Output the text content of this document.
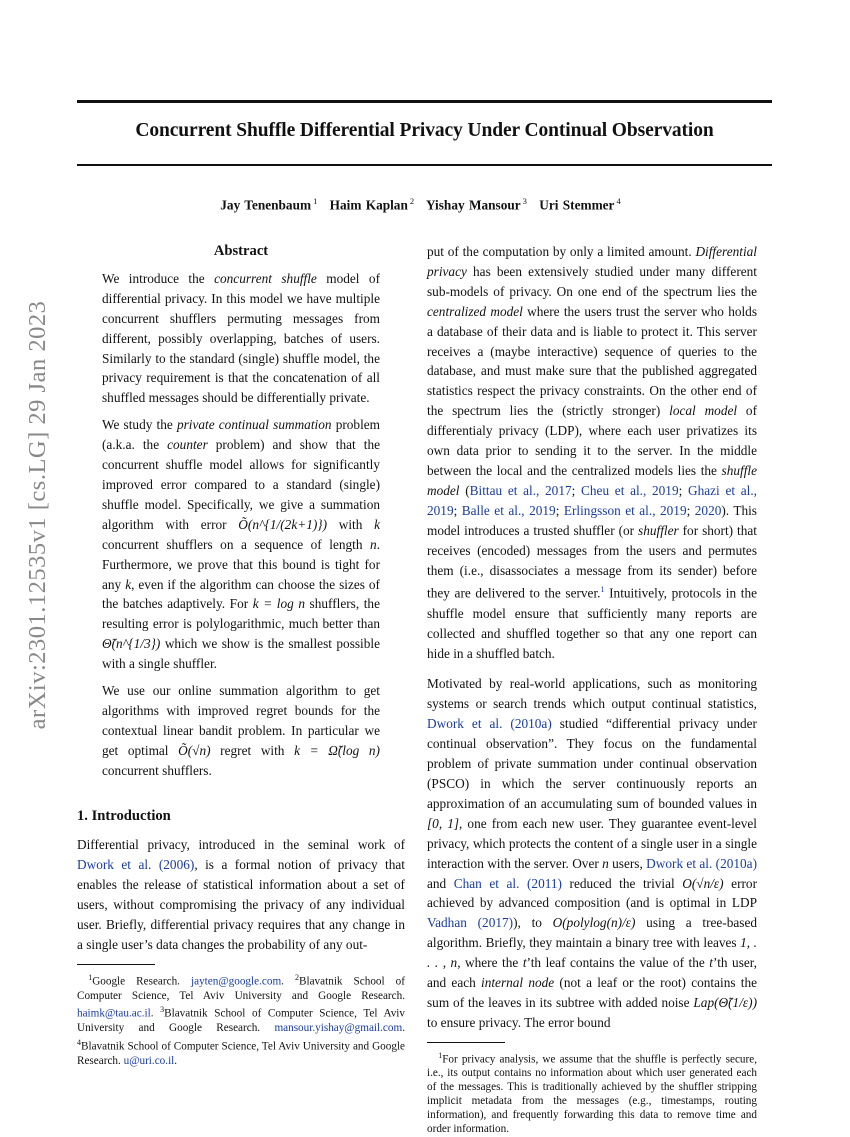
Concurrent Shuffle Differential Privacy Under Continual Observation
Jay Tenenbaum $^1$ Haim Kaplan $^2$ Yishay Mansour $^3$ Uri Stemmer $^4$
arXiv:2301.12535v1 [cs.LG] 29 Jan 2023
Abstract

We introduce the concurrent shuffle model of differential privacy. In this model we have multiple concurrent shufflers permuting messages from different, possibly overlapping, batches of users. Similarly to the standard (single) shuffle model, the privacy requirement is that the concatenation of all shuffled messages should be differentially private.

We study the private continual summation problem (a.k.a. the counter problem) and show that the concurrent shuffle model allows for significantly improved error compared to a standard (single) shuffle model. Specifically, we give a summation algorithm with error Õ(n^{1/(2k+1)}) with k concurrent shufflers on a sequence of length n. Furthermore, we prove that this bound is tight for any k, even if the algorithm can choose the sizes of the batches adaptively. For k = log n shufflers, the resulting error is polylogarithmic, much better than Θ̃(n^{1/3}) which we show is the smallest possible with a single shuffler.

We use our online summation algorithm to get algorithms with improved regret bounds for the contextual linear bandit problem. In particular we get optimal Õ(√n) regret with k = Ω̃(log n) concurrent shufflers.

1. Introduction

Differential privacy, introduced in the seminal work of Dwork et al. (2006), is a formal notion of privacy that enables the release of statistical information about a set of users, without compromising the privacy of any individual user. Briefly, differential privacy requires that any change in a single user’s data changes the probability of any out-

 $^1$Google Research. jayten@google.com. $^2$Blavatnik School of Computer Science, Tel Aviv University and Google Research. haimk@tau.ac.il. $^3$Blavatnik School of Computer Science, Tel Aviv University and Google Research. mansour.yishay@gmail.com. $^4$Blavatnik School of Computer Science, Tel Aviv University and Google Research. u@uri.co.il.

put of the computation by only a limited amount. Differential privacy has been extensively studied under many different sub-models of privacy. On one end of the spectrum lies the centralized model where the users trust the server who holds a database of their data and is liable to protect it. This server receives a (maybe interactive) sequence of queries to the database, and must make sure that the published aggregated statistics respect the privacy constraints. On the other end of the spectrum lies the (strictly stronger) local model of differentialy privacy (LDP), where each user privatizes its own data prior to sending it to the server. In the middle between the local and the centralized models lies the shuffle model (Bittau et al., 2017; Cheu et al., 2019; Ghazi et al., 2019; Balle et al., 2019; Erlingsson et al., 2019; 2020). This model introduces a trusted shuffler (or shuffler for short) that receives (encoded) messages from the users and permutes them (i.e., disassociates a message from its sender) before they are delivered to the server.$^1$ Intuitively, protocols in the shuffle model ensure that sufficiently many reports are collected and shuffled together so that any one report can hide in a shuffled batch.

Motivated by real-world applications, such as monitoring systems or search trends which output continual statistics, Dwork et al. (2010a) studied “differential privacy under continual observation”. They focus on the fundamental problem of private summation under continual observation (PSCO) in which the server continuously reports an approximation of an accumulating sum of bounded values in [0, 1], one from each new user. They guarantee event-level privacy, which protects the content of a single user in a single interaction with the server. Over n users, Dwork et al. (2010a) and Chan et al. (2011) reduced the trivial O(√n/ε) error achieved by advanced composition (and is optimal in LDP Vadhan (2017)), to O(polylog(n)/ε) using a tree-based algorithm. Briefly, they maintain a binary tree with leaves 1, . . . , n, where the t’th leaf contains the value of the t’th user, and each internal node (not a leaf or the root) contains the sum of the leaves in its subtree with added noise Lap(Θ̃(1/ε)) to ensure privacy. The error bound

 $^1$For privacy analysis, we assume that the shuffle is perfectly secure, i.e., its output contains no information about which user generated each of the messages. This is traditionally achieved by the shuffler stripping implicit metadata from the messages (e.g., timestamps, routing information), and frequently forwarding this data to remove time and order information.
